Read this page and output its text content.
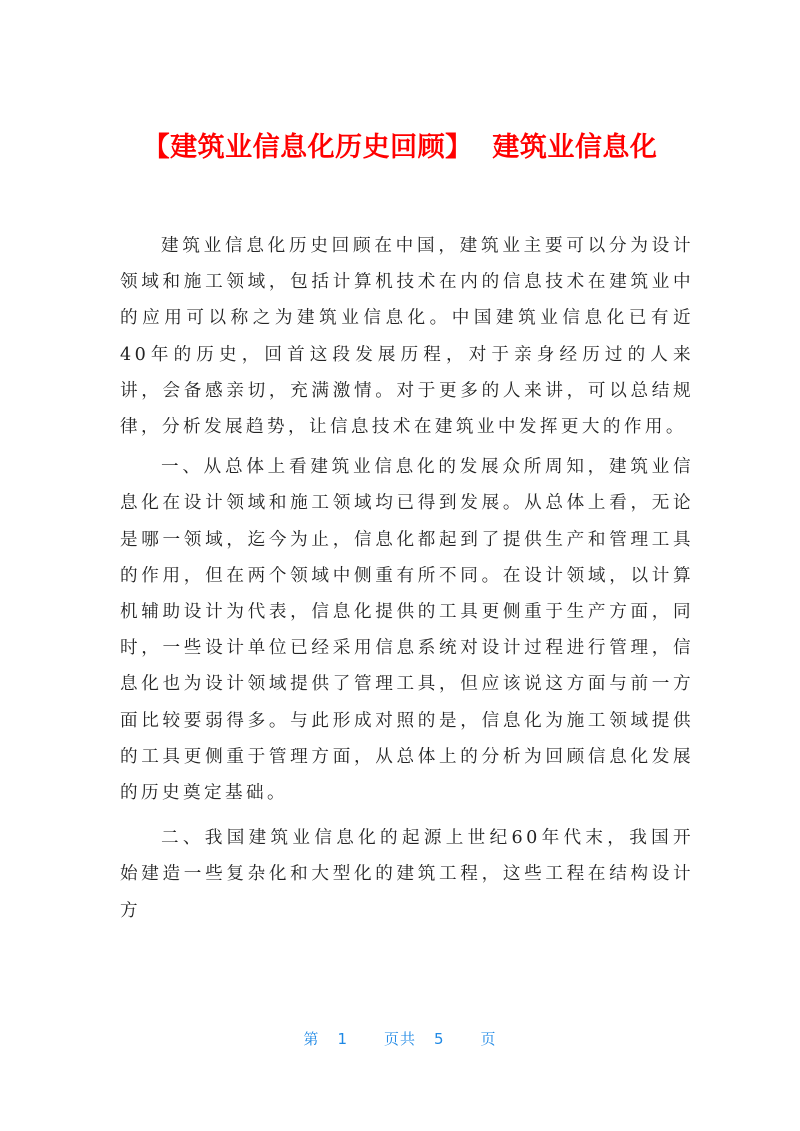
【建筑业信息化历史回顾】  建筑业信息化

建筑业信息化历史回顾在中国，建筑业主要可以分为设计领域和施工领域，包括计算机技术在内的信息技术在建筑业中的应用可以称之为建筑业信息化。中国建筑业信息化已有近40年的历史，回首这段发展历程，对于亲身经历过的人来讲，会备感亲切，充满激情。对于更多的人来讲，可以总结规律，分析发展趋势，让信息技术在建筑业中发挥更大的作用。

一、从总体上看建筑业信息化的发展众所周知，建筑业信息化在设计领域和施工领域均已得到发展。从总体上看，无论是哪一领域，迄今为止，信息化都起到了提供生产和管理工具的作用，但在两个领域中侧重有所不同。在设计领域，以计算机辅助设计为代表，信息化提供的工具更侧重于生产方面，同时，一些设计单位已经采用信息系统对设计过程进行管理，信息化也为设计领域提供了管理工具，但应该说这方面与前一方面比较要弱得多。与此形成对照的是，信息化为施工领域提供的工具更侧重于管理方面，从总体上的分析为回顾信息化发展的历史奠定基础。

二、我国建筑业信息化的起源上世纪60年代末，我国开始建造一些复杂化和大型化的建筑工程，这些工程在结构设计方

第 1 页共 5 页
